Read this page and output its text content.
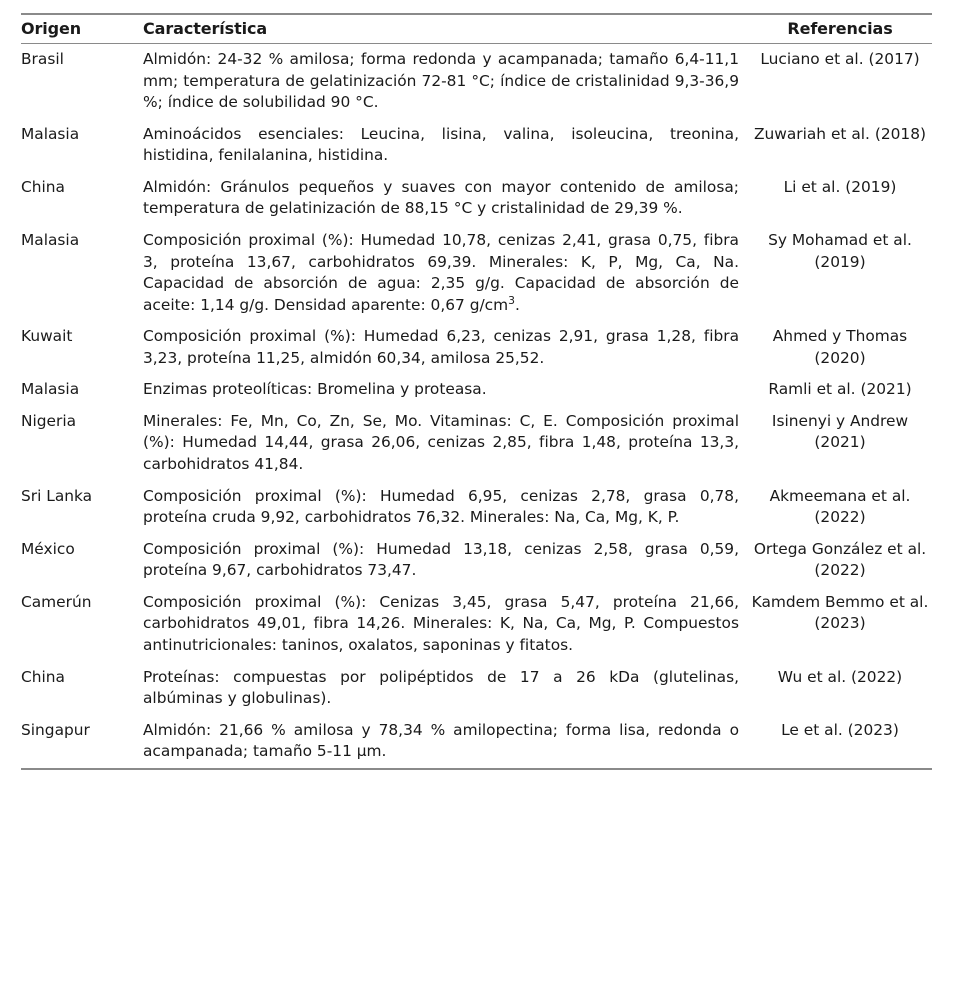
Origen	Característica	Referencias
Brasil	Almidón: 24-32 % amilosa; forma redonda y acampanada; tamaño 6,4-11,1 mm; temperatura de gelatinización 72-81 °C; índice de cristalinidad 9,3-36,9 %; índice de solubilidad 90 °C.	Luciano et al. (2017)
Malasia	Aminoácidos esenciales: Leucina, lisina, valina, isoleucina, treonina, histidina, fenilalanina, histidina.	Zuwariah et al. (2018)
China	Almidón: Gránulos pequeños y suaves con mayor contenido de amilosa; temperatura de gelatinización de 88,15 °C y cristalinidad de 29,39 %.	Li et al. (2019)
Malasia	Composición proximal (%): Humedad 10,78, cenizas 2,41, grasa 0,75, fibra 3, proteína 13,67, carbohidratos 69,39. Minerales: K, P, Mg, Ca, Na. Capacidad de absorción de agua: 2,35 g/g. Capacidad de absorción de aceite: 1,14 g/g. Densidad aparente: 0,67 $g/cm^3$.	Sy Mohamad et al. (2019)
Kuwait	Composición proximal (%): Humedad 6,23, cenizas 2,91, grasa 1,28, fibra 3,23, proteína 11,25, almidón 60,34, amilosa 25,52.	Ahmed y Thomas (2020)
Malasia	Enzimas proteolíticas: Bromelina y proteasa.	Ramli et al. (2021)
Nigeria	Minerales: Fe, Mn, Co, Zn, Se, Mo. Vitaminas: C, E. Composición proximal (%): Humedad 14,44, grasa 26,06, cenizas 2,85, fibra 1,48, proteína 13,3, carbohidratos 41,84.	Isinenyi y Andrew (2021)
Sri Lanka	Composición proximal (%): Humedad 6,95, cenizas 2,78, grasa 0,78, proteína cruda 9,92, carbohidratos 76,32. Minerales: Na, Ca, Mg, K, P.	Akmeemana et al. (2022)
México	Composición proximal (%): Humedad 13,18, cenizas 2,58, grasa 0,59, proteína 9,67, carbohidratos 73,47.	Ortega González et al. (2022)
Camerún	Composición proximal (%): Cenizas 3,45, grasa 5,47, proteína 21,66, carbohidratos 49,01, fibra 14,26. Minerales: K, Na, Ca, Mg, P. Compuestos antinutricionales: taninos, oxalatos, saponinas y fitatos.	Kamdem Bemmo et al. (2023)
China	Proteínas: compuestas por polipéptidos de 17 a 26 kDa (glutelinas, albúminas y globulinas).	Wu et al. (2022)
Singapur	Almidón: 21,66 % amilosa y 78,34 % amilopectina; forma lisa, redonda o acampanada; tamaño 5-11 µm.	Le et al. (2023)
